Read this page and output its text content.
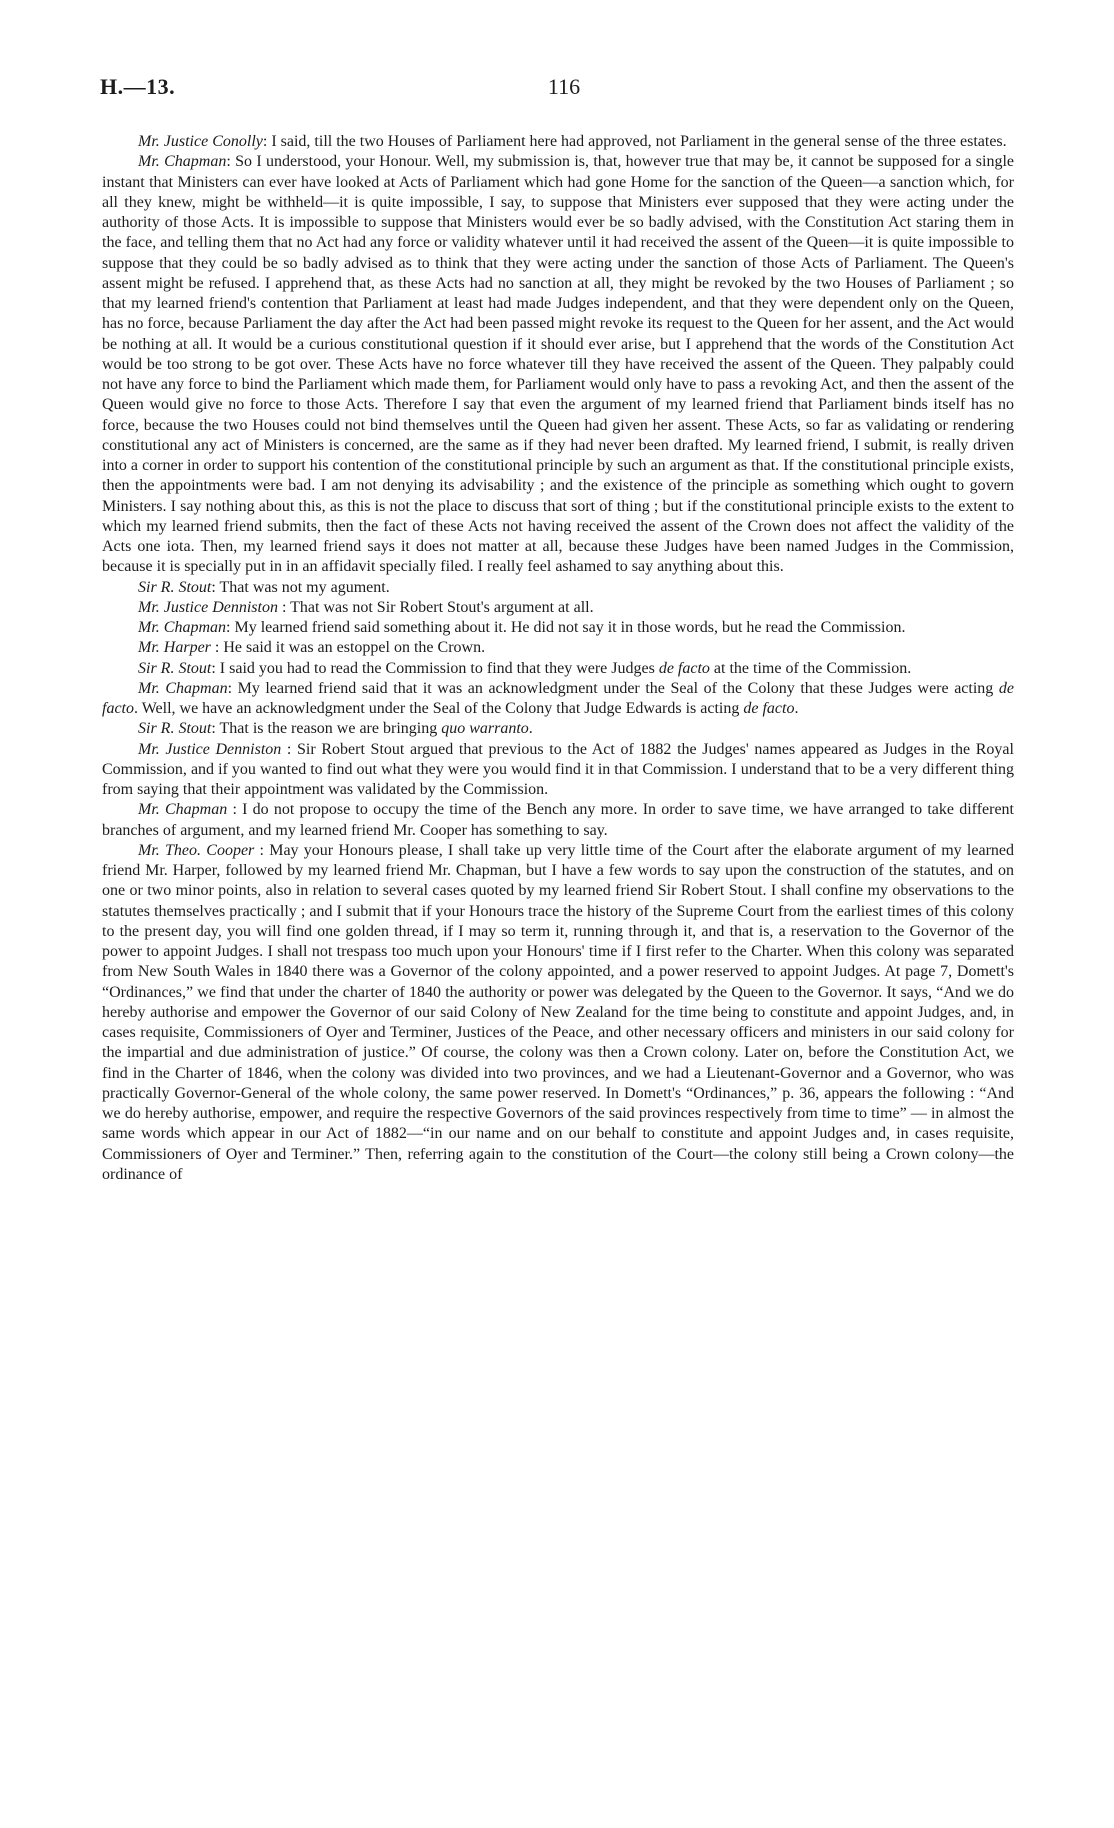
H.—13.	116

Mr. Justice Conolly: I said, till the two Houses of Parliament here had approved, not Parliament in the general sense of the three estates.

Mr. Chapman: So I understood, your Honour. Well, my submission is, that, however true that may be, it cannot be supposed for a single instant that Ministers can ever have looked at Acts of Parliament which had gone Home for the sanction of the Queen—a sanction which, for all they knew, might be withheld—it is quite impossible, I say, to suppose that Ministers ever supposed that they were acting under the authority of those Acts. It is impossible to suppose that Ministers would ever be so badly advised, with the Constitution Act staring them in the face, and telling them that no Act had any force or validity whatever until it had received the assent of the Queen—it is quite impossible to suppose that they could be so badly advised as to think that they were acting under the sanction of those Acts of Parliament. The Queen's assent might be refused. I apprehend that, as these Acts had no sanction at all, they might be revoked by the two Houses of Parliament ; so that my learned friend's contention that Parliament at least had made Judges independent, and that they were dependent only on the Queen, has no force, because Parliament the day after the Act had been passed might revoke its request to the Queen for her assent, and the Act would be nothing at all. It would be a curious constitutional question if it should ever arise, but I apprehend that the words of the Constitution Act would be too strong to be got over. These Acts have no force whatever till they have received the assent of the Queen. They palpably could not have any force to bind the Parliament which made them, for Parliament would only have to pass a revoking Act, and then the assent of the Queen would give no force to those Acts. Therefore I say that even the argument of my learned friend that Parliament binds itself has no force, because the two Houses could not bind themselves until the Queen had given her assent. These Acts, so far as validating or rendering constitutional any act of Ministers is concerned, are the same as if they had never been drafted. My learned friend, I submit, is really driven into a corner in order to support his contention of the constitutional principle by such an argument as that. If the constitutional principle exists, then the appointments were bad. I am not denying its advisability ; and the existence of the principle as something which ought to govern Ministers. I say nothing about this, as this is not the place to discuss that sort of thing ; but if the constitutional principle exists to the extent to which my learned friend submits, then the fact of these Acts not having received the assent of the Crown does not affect the validity of the Acts one iota. Then, my learned friend says it does not matter at all, because these Judges have been named Judges in the Commission, because it is specially put in in an affidavit specially filed. I really feel ashamed to say anything about this.

Sir R. Stout: That was not my agument.

Mr. Justice Denniston : That was not Sir Robert Stout's argument at all.

Mr. Chapman: My learned friend said something about it. He did not say it in those words, but he read the Commission.

Mr. Harper : He said it was an estoppel on the Crown.

Sir R. Stout: I said you had to read the Commission to find that they were Judges de facto at the time of the Commission.

Mr. Chapman: My learned friend said that it was an acknowledgment under the Seal of the Colony that these Judges were acting de facto. Well, we have an acknowledgment under the Seal of the Colony that Judge Edwards is acting de facto.

Sir R. Stout: That is the reason we are bringing quo warranto.

Mr. Justice Denniston : Sir Robert Stout argued that previous to the Act of 1882 the Judges' names appeared as Judges in the Royal Commission, and if you wanted to find out what they were you would find it in that Commission. I understand that to be a very different thing from saying that their appointment was validated by the Commission.

Mr. Chapman : I do not propose to occupy the time of the Bench any more. In order to save time, we have arranged to take different branches of argument, and my learned friend Mr. Cooper has something to say.

Mr. Theo. Cooper : May your Honours please, I shall take up very little time of the Court after the elaborate argument of my learned friend Mr. Harper, followed by my learned friend Mr. Chapman, but I have a few words to say upon the construction of the statutes, and on one or two minor points, also in relation to several cases quoted by my learned friend Sir Robert Stout. I shall confine my observations to the statutes themselves practically ; and I submit that if your Honours trace the history of the Supreme Court from the earliest times of this colony to the present day, you will find one golden thread, if I may so term it, running through it, and that is, a reservation to the Governor of the power to appoint Judges. I shall not trespass too much upon your Honours' time if I first refer to the Charter. When this colony was separated from New South Wales in 1840 there was a Governor of the colony appointed, and a power reserved to appoint Judges. At page 7, Domett's “Ordinances,” we find that under the charter of 1840 the authority or power was delegated by the Queen to the Governor. It says, “And we do hereby authorise and empower the Governor of our said Colony of New Zealand for the time being to constitute and appoint Judges, and, in cases requisite, Commissioners of Oyer and Terminer, Justices of the Peace, and other necessary officers and ministers in our said colony for the impartial and due administration of justice.” Of course, the colony was then a Crown colony. Later on, before the Constitution Act, we find in the Charter of 1846, when the colony was divided into two provinces, and we had a Lieutenant-Governor and a Governor, who was practically Governor-General of the whole colony, the same power reserved. In Domett's “Ordinances,” p. 36, appears the following : “And we do hereby authorise, empower, and require the respective Governors of the said provinces respectively from time to time” — in almost the same words which appear in our Act of 1882—“in our name and on our behalf to constitute and appoint Judges and, in cases requisite, Commissioners of Oyer and Terminer.” Then, referring again to the constitution of the Court—the colony still being a Crown colony—the ordinance of
